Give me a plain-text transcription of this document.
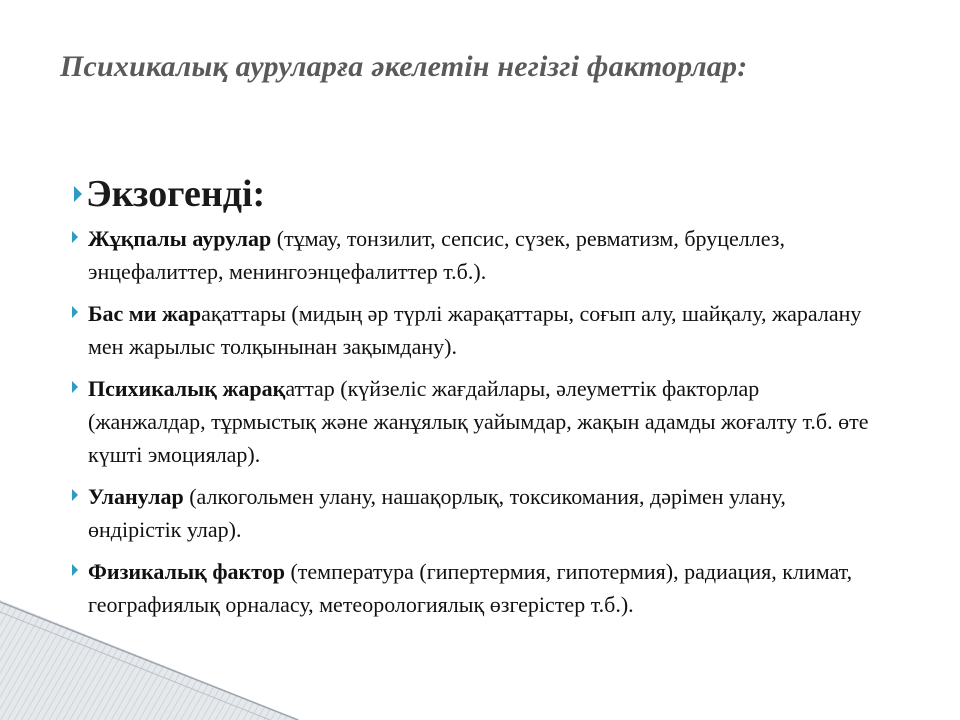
Психикалық ауруларға әкелетін негізгі факторлар:
Экзогенді:
Жұқпалы аурулар (тұмау, тонзилит, сепсис, сүзек, ревматизм, бруцеллез, энцефалиттер, менингоэнцефалиттер т.б.).
Бас ми жарақаттары (мидың әр түрлі жарақаттары, соғып алу, шайқалу, жаралану мен жарылыс толқынынан зақымдану).
Психикалық жарақаттар (күйзеліс жағдайлары, әлеуметтік факторлар (жанжалдар, тұрмыстық және жанұялық уайымдар, жақын адамды жоғалту т.б. өте күшті эмоциялар).
Уланулар (алкогольмен улану, нашақорлық, токсикомания, дәрімен улану, өндірістік улар).
Физикалық фактор (температура (гипертермия, гипотермия), радиация, климат, географиялық орналасу, метеорологиялық өзгерістер т.б.).
